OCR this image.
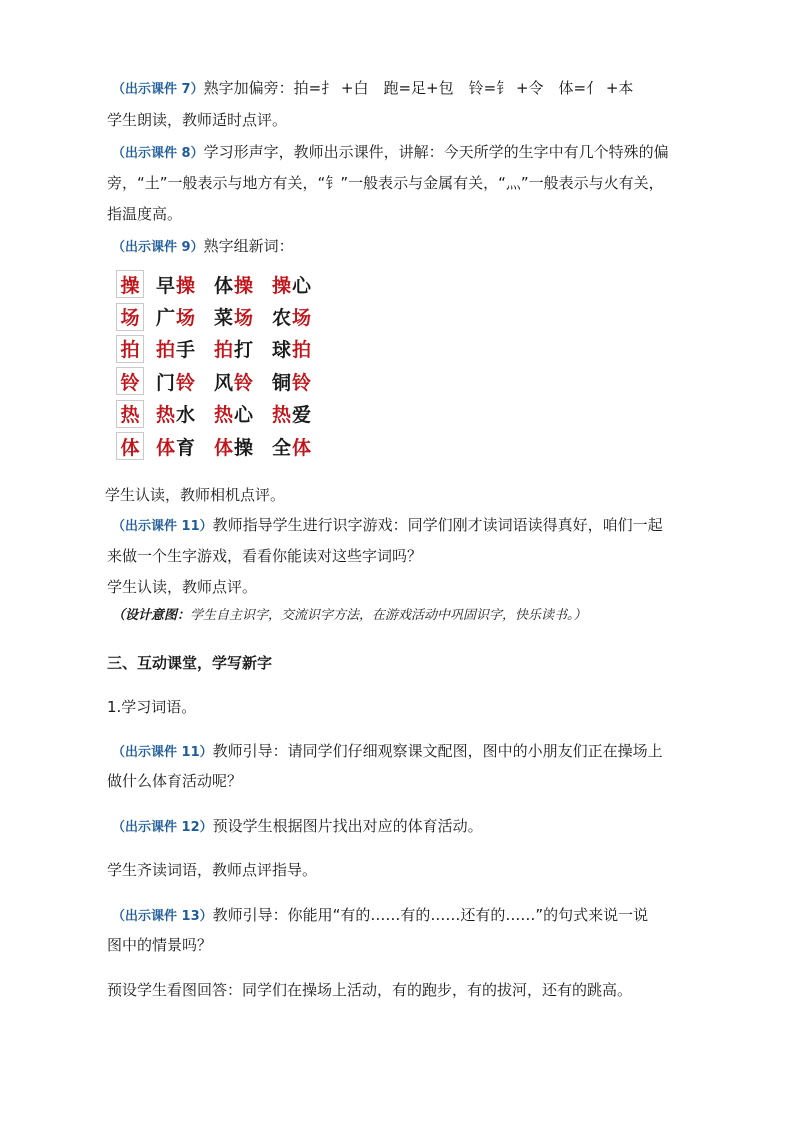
（出示课件 7）熟字加偏旁：拍=扌 +白　跑=足+包　铃=钅 +令　体=亻 +本
学生朗读，教师适时点评。
（出示课件 8）学习形声字，教师出示课件，讲解：今天所学的生字中有几个特殊的偏
旁，“土”一般表示与地方有关，“钅”一般表示与金属有关，“灬”一般表示与火有关，
指温度高。
（出示课件 9）熟字组新词：
操 早操 体操 操心
场 广场 菜场 农场
拍 拍手 拍打 球拍
铃 门铃 风铃 铜铃
热 热水 热心 热爱
体 体育 体操 全体
学生认读，教师相机点评。
（出示课件 11）教师指导学生进行识字游戏：同学们刚才读词语读得真好，咱们一起
来做一个生字游戏，看看你能读对这些字词吗？
学生认读，教师点评。
（设计意图：学生自主识字，交流识字方法，在游戏活动中巩固识字，快乐读书。）
三、互动课堂，学写新字
1.学习词语。
（出示课件 11）教师引导：请同学们仔细观察课文配图，图中的小朋友们正在操场上
做什么体育活动呢？
（出示课件 12）预设学生根据图片找出对应的体育活动。
学生齐读词语，教师点评指导。
（出示课件 13）教师引导：你能用“有的……有的……还有的……”的句式来说一说
图中的情景吗？
预设学生看图回答：同学们在操场上活动，有的跑步，有的拔河，还有的跳高。
